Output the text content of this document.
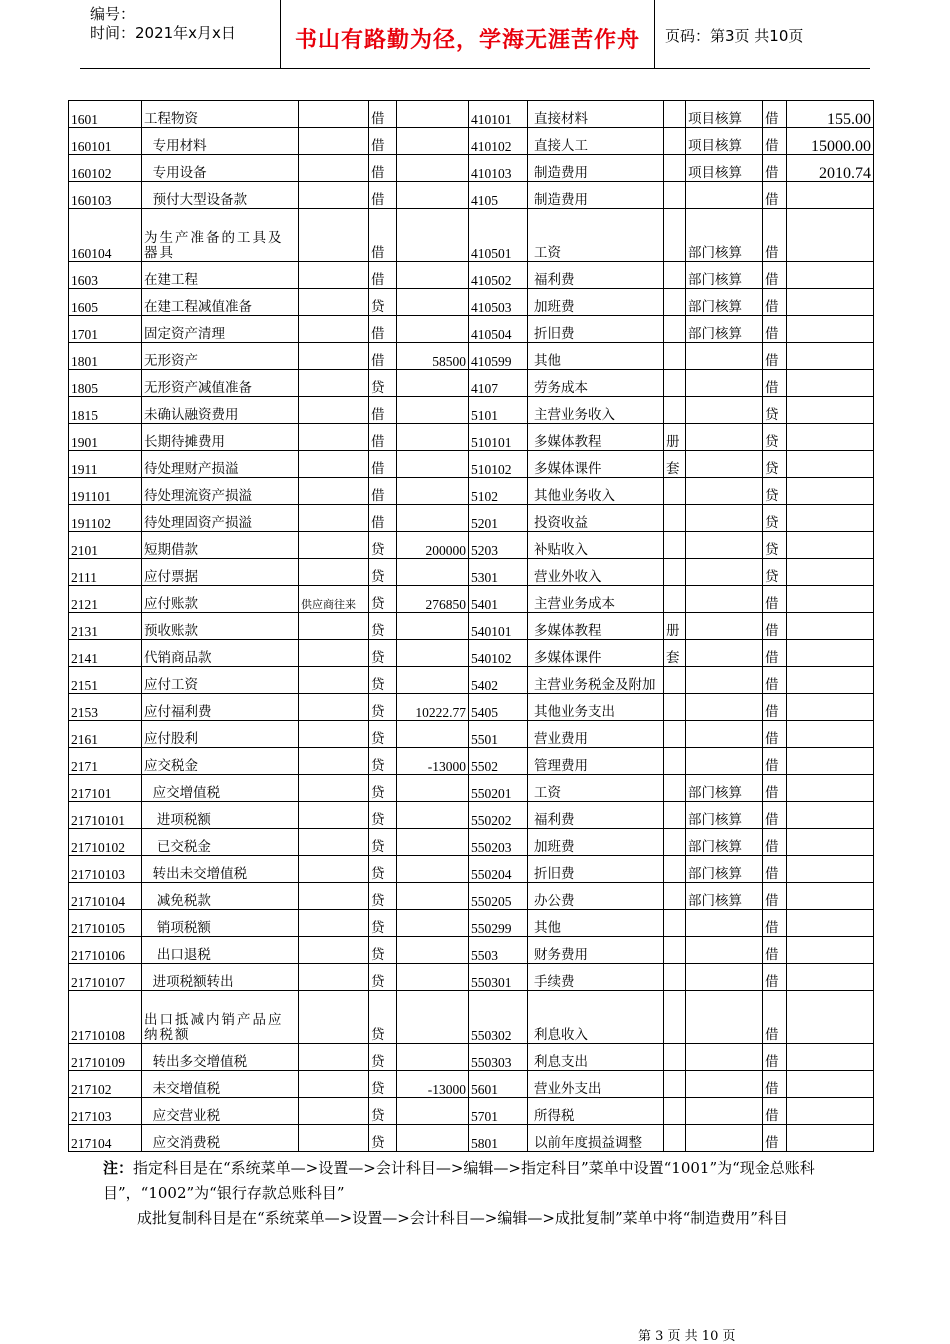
编号：
时间：2021年x月x日	书山有路勤为径，学海无涯苦作舟	页码：第3页 共10页
1601	工程物资		借		410101	直接材料		项目核算	借	155.00
160101	专用材料		借		410102	直接人工		项目核算	借	15000.00
160102	专用设备		借		410103	制造费用		项目核算	借	2010.74
160103	预付大型设备款		借		4105	制造费用			借	
160104	为生产准备的工具及器具		借		410501	工资		部门核算	借	
1603	在建工程		借		410502	福利费		部门核算	借	
1605	在建工程减值准备		贷		410503	加班费		部门核算	借	
1701	固定资产清理		借		410504	折旧费		部门核算	借	
1801	无形资产		借	58500	410599	其他			借	
1805	无形资产减值准备		贷		4107	劳务成本			借	
1815	未确认融资费用		借		5101	主营业务收入			贷	
1901	长期待摊费用		借		510101	多媒体教程	册		贷	
1911	待处理财产损溢		借		510102	多媒体课件	套		贷	
191101	待处理流资产损溢		借		5102	其他业务收入			贷	
191102	待处理固资产损溢		借		5201	投资收益			贷	
2101	短期借款		贷	200000	5203	补贴收入			贷	
2111	应付票据		贷		5301	营业外收入			贷	
2121	应付账款	供应商往来	贷	276850	5401	主营业务成本			借	
2131	预收账款		贷		540101	多媒体教程	册		借	
2141	代销商品款		贷		540102	多媒体课件	套		借	
2151	应付工资		贷		5402	主营业务税金及附加			借	
2153	应付福利费		贷	10222.77	5405	其他业务支出			借	
2161	应付股利		贷		5501	营业费用			借	
2171	应交税金		贷	-13000	5502	管理费用			借	
217101	应交增值税		贷		550201	工资		部门核算	借	
21710101	进项税额		贷		550202	福利费		部门核算	借	
21710102	已交税金		贷		550203	加班费		部门核算	借	
21710103	转出未交增值税		贷		550204	折旧费		部门核算	借	
21710104	减免税款		贷		550205	办公费		部门核算	借	
21710105	销项税额		贷		550299	其他			借	
21710106	出口退税		贷		5503	财务费用			借	
21710107	进项税额转出		贷		550301	手续费			借	
21710108	出口抵减内销产品应纳税额		贷		550302	利息收入			借	
21710109	转出多交增值税		贷		550303	利息支出			借	
217102	未交增值税		贷	-13000	5601	营业外支出			借	
217103	应交营业税		贷		5701	所得税			借	
217104	应交消费税		贷		5801	以前年度损益调整			借	

注：指定科目是在“系统菜单—>设置—>会计科目—>编辑—>指定科目”菜单中设置“1001”为“现金总账科目”，“1002”为“银行存款总账科目”

成批复制科目是在“系统菜单—>设置—>会计科目—>编辑—>成批复制”菜单中将“制造费用”科目

第 3 页 共 10 页
